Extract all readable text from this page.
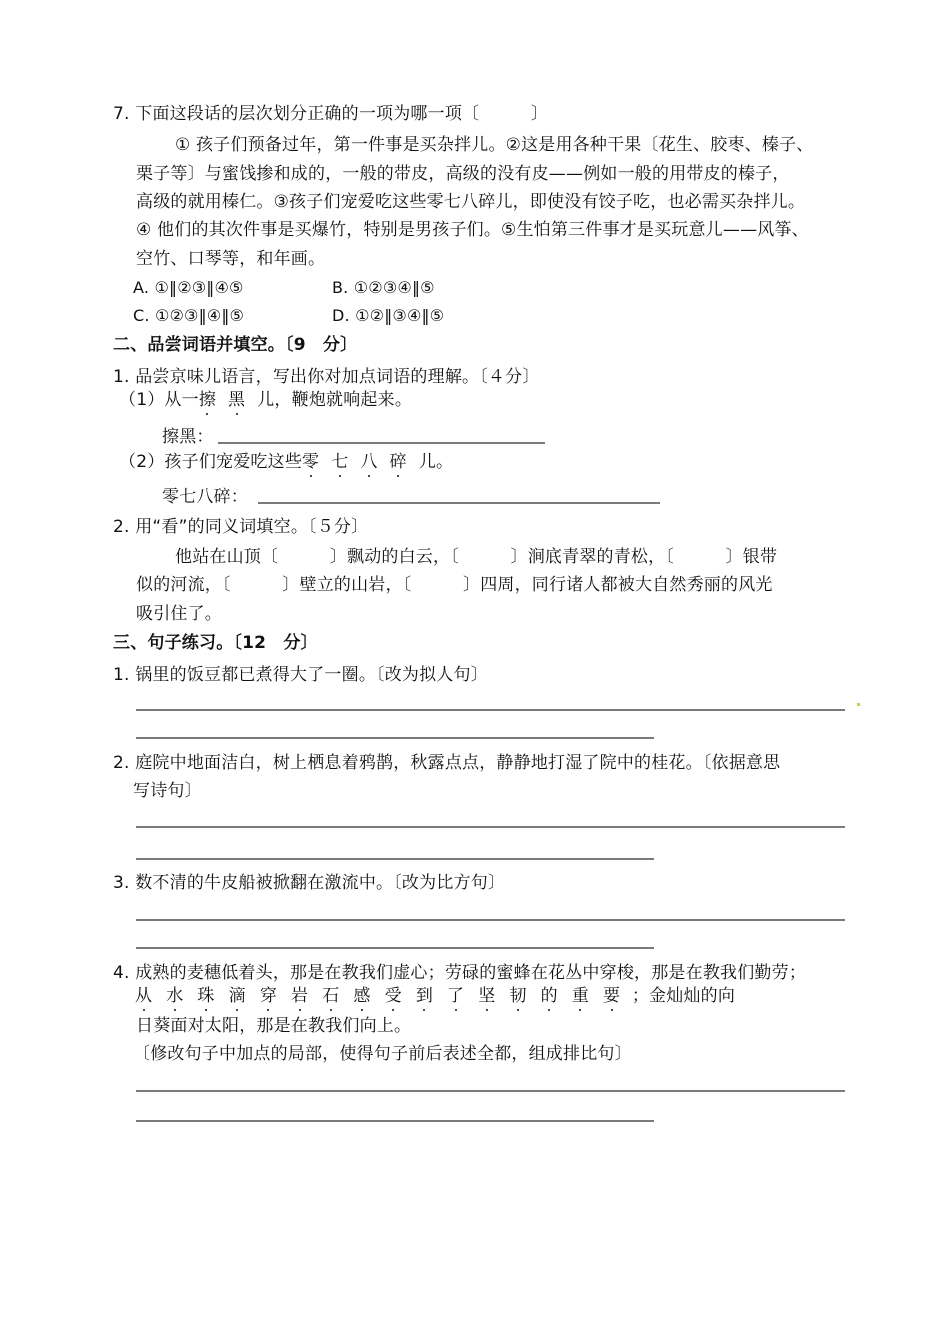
7. 下面这段话的层次划分正确的一项为哪一项〔　　　〕
① 孩子们预备过年，第一件事是买杂拌儿。②这是用各种干果〔花生、胶枣、榛子、
栗子等〕与蜜饯掺和成的，一般的带皮，高级的没有皮——例如一般的用带皮的榛子，
高级的就用榛仁。③孩子们宠爱吃这些零七八碎儿，即使没有饺子吃，也必需买杂拌儿。
④ 他们的其次件事是买爆竹，特别是男孩子们。⑤生怕第三件事才是买玩意儿——风筝、
空竹、口琴等，和年画。
A. ①‖②③‖④⑤	B. ①②③④‖⑤
C. ①②③‖④‖⑤	D. ①②‖③④‖⑤
二、品尝词语并填空。〔9　分〕
1. 品尝京味儿语言，写出你对加点词语的理解。〔４分〕
（1）从一擦 黑 儿，鞭炮就响起来。
擦黑：
（2）孩子们宠爱吃这些零 七 八 碎 儿。
零七八碎：
2. 用“看”的同义词填空。〔５分〕
他站在山顶〔　　　〕飘动的白云，〔　　　〕涧底青翠的青松，〔　　　〕银带
似的河流，〔　　　〕壁立的山岩，〔　　　〕四周，同行诸人都被大自然秀丽的风光
吸引住了。
三、句子练习。〔12　分〕
1. 锅里的饭豆都已煮得大了一圈。〔改为拟人句〕
2. 庭院中地面洁白，树上栖息着鸦鹊，秋露点点，静静地打湿了院中的桂花。〔依据意思
写诗句〕
3. 数不清的牛皮船被掀翻在激流中。〔改为比方句〕
4. 成熟的麦穗低着头，那是在教我们虚心；劳碌的蜜蜂在花丛中穿梭，那是在教我们勤劳；
从 水 珠 滴 穿 岩 石 感 受 到 了 坚 韧 的 重 要 ；金灿灿的向
日葵面对太阳，那是在教我们向上。
〔修改句子中加点的局部，使得句子前后表述全都，组成排比句〕
